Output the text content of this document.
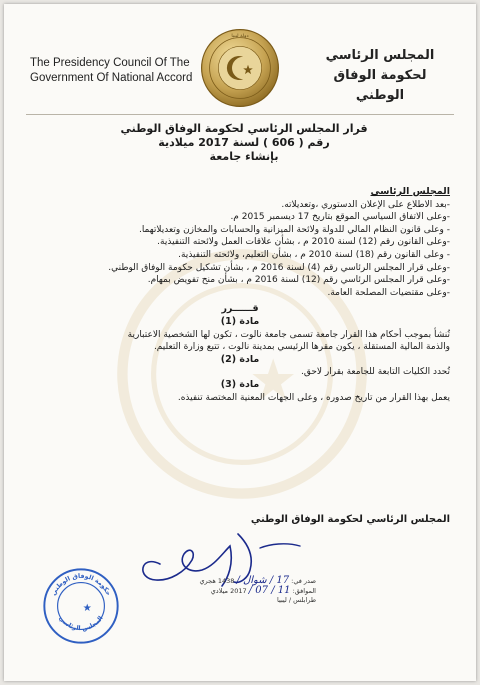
The Presidency Council Of The
Government Of National Accord
دولة ليبيا
المجلس الرئاسي
لحكومة الوفاق الوطني
قرار المجلس الرئاسي لحكومة الوفاق الوطني
رقم ( 606 ) لسنة 2017 ميلادية
بإنشاء جامعة
المجلس الرئاسي
-بعد الاطلاع على الإعلان الدستوري ،وتعديلاته.
-وعلى الاتفاق السياسي الموقع بتاريخ 17 ديسمبر 2015 م.
- وعلى قانون النظام المالي للدولة ولائحة الميزانية والحسابات والمخازن وتعديلاتهما.
-وعلى القانون رقم (12) لسنة 2010 م ، بشأن علاقات العمل ولائحته التنفيذية.
- وعلى القانون رقم (18) لسنة 2010 م ، بشأن التعليم، ولائحته التنفيذية.
-وعلى قرار المجلس الرئاسي رقم (4) لسنة 2016 م ، بشأن تشكيل حكومة الوفاق الوطني.
-وعلى قرار المجلس الرئاسي رقم (12) لسنة 2016 م ، بشأن منح تفويض بمهام.
-وعلى مقتضيات المصلحة العامة.
قــــــرر
مادة (1)
تُنشأ بموجب أحكام هذا القرار جامعة تسمى جامعة نالوت ، تكون لها الشخصية الاعتبارية
والذمة المالية المستقلة ، يكون مقرها الرئيسي بمدينة نالوت ، تتبع وزارة التعليم.
مادة (2)
تُحدد الكليات التابعة للجامعة بقرار لاحق.
مادة (3)
يعمل بهذا القرار من تاريخ صدوره ، وعلى الجهات المعنية المختصة تنفيذه.
المجلس الرئاسي لحكومة الوفاق الوطني
حكومة الوفاق الوطني
المجلس الرئاسي
صدر في: 17 / شوال / 1438 هجري
الموافق: 11 / 07 / 2017 ميلادي
طرابلس / ليبيا
